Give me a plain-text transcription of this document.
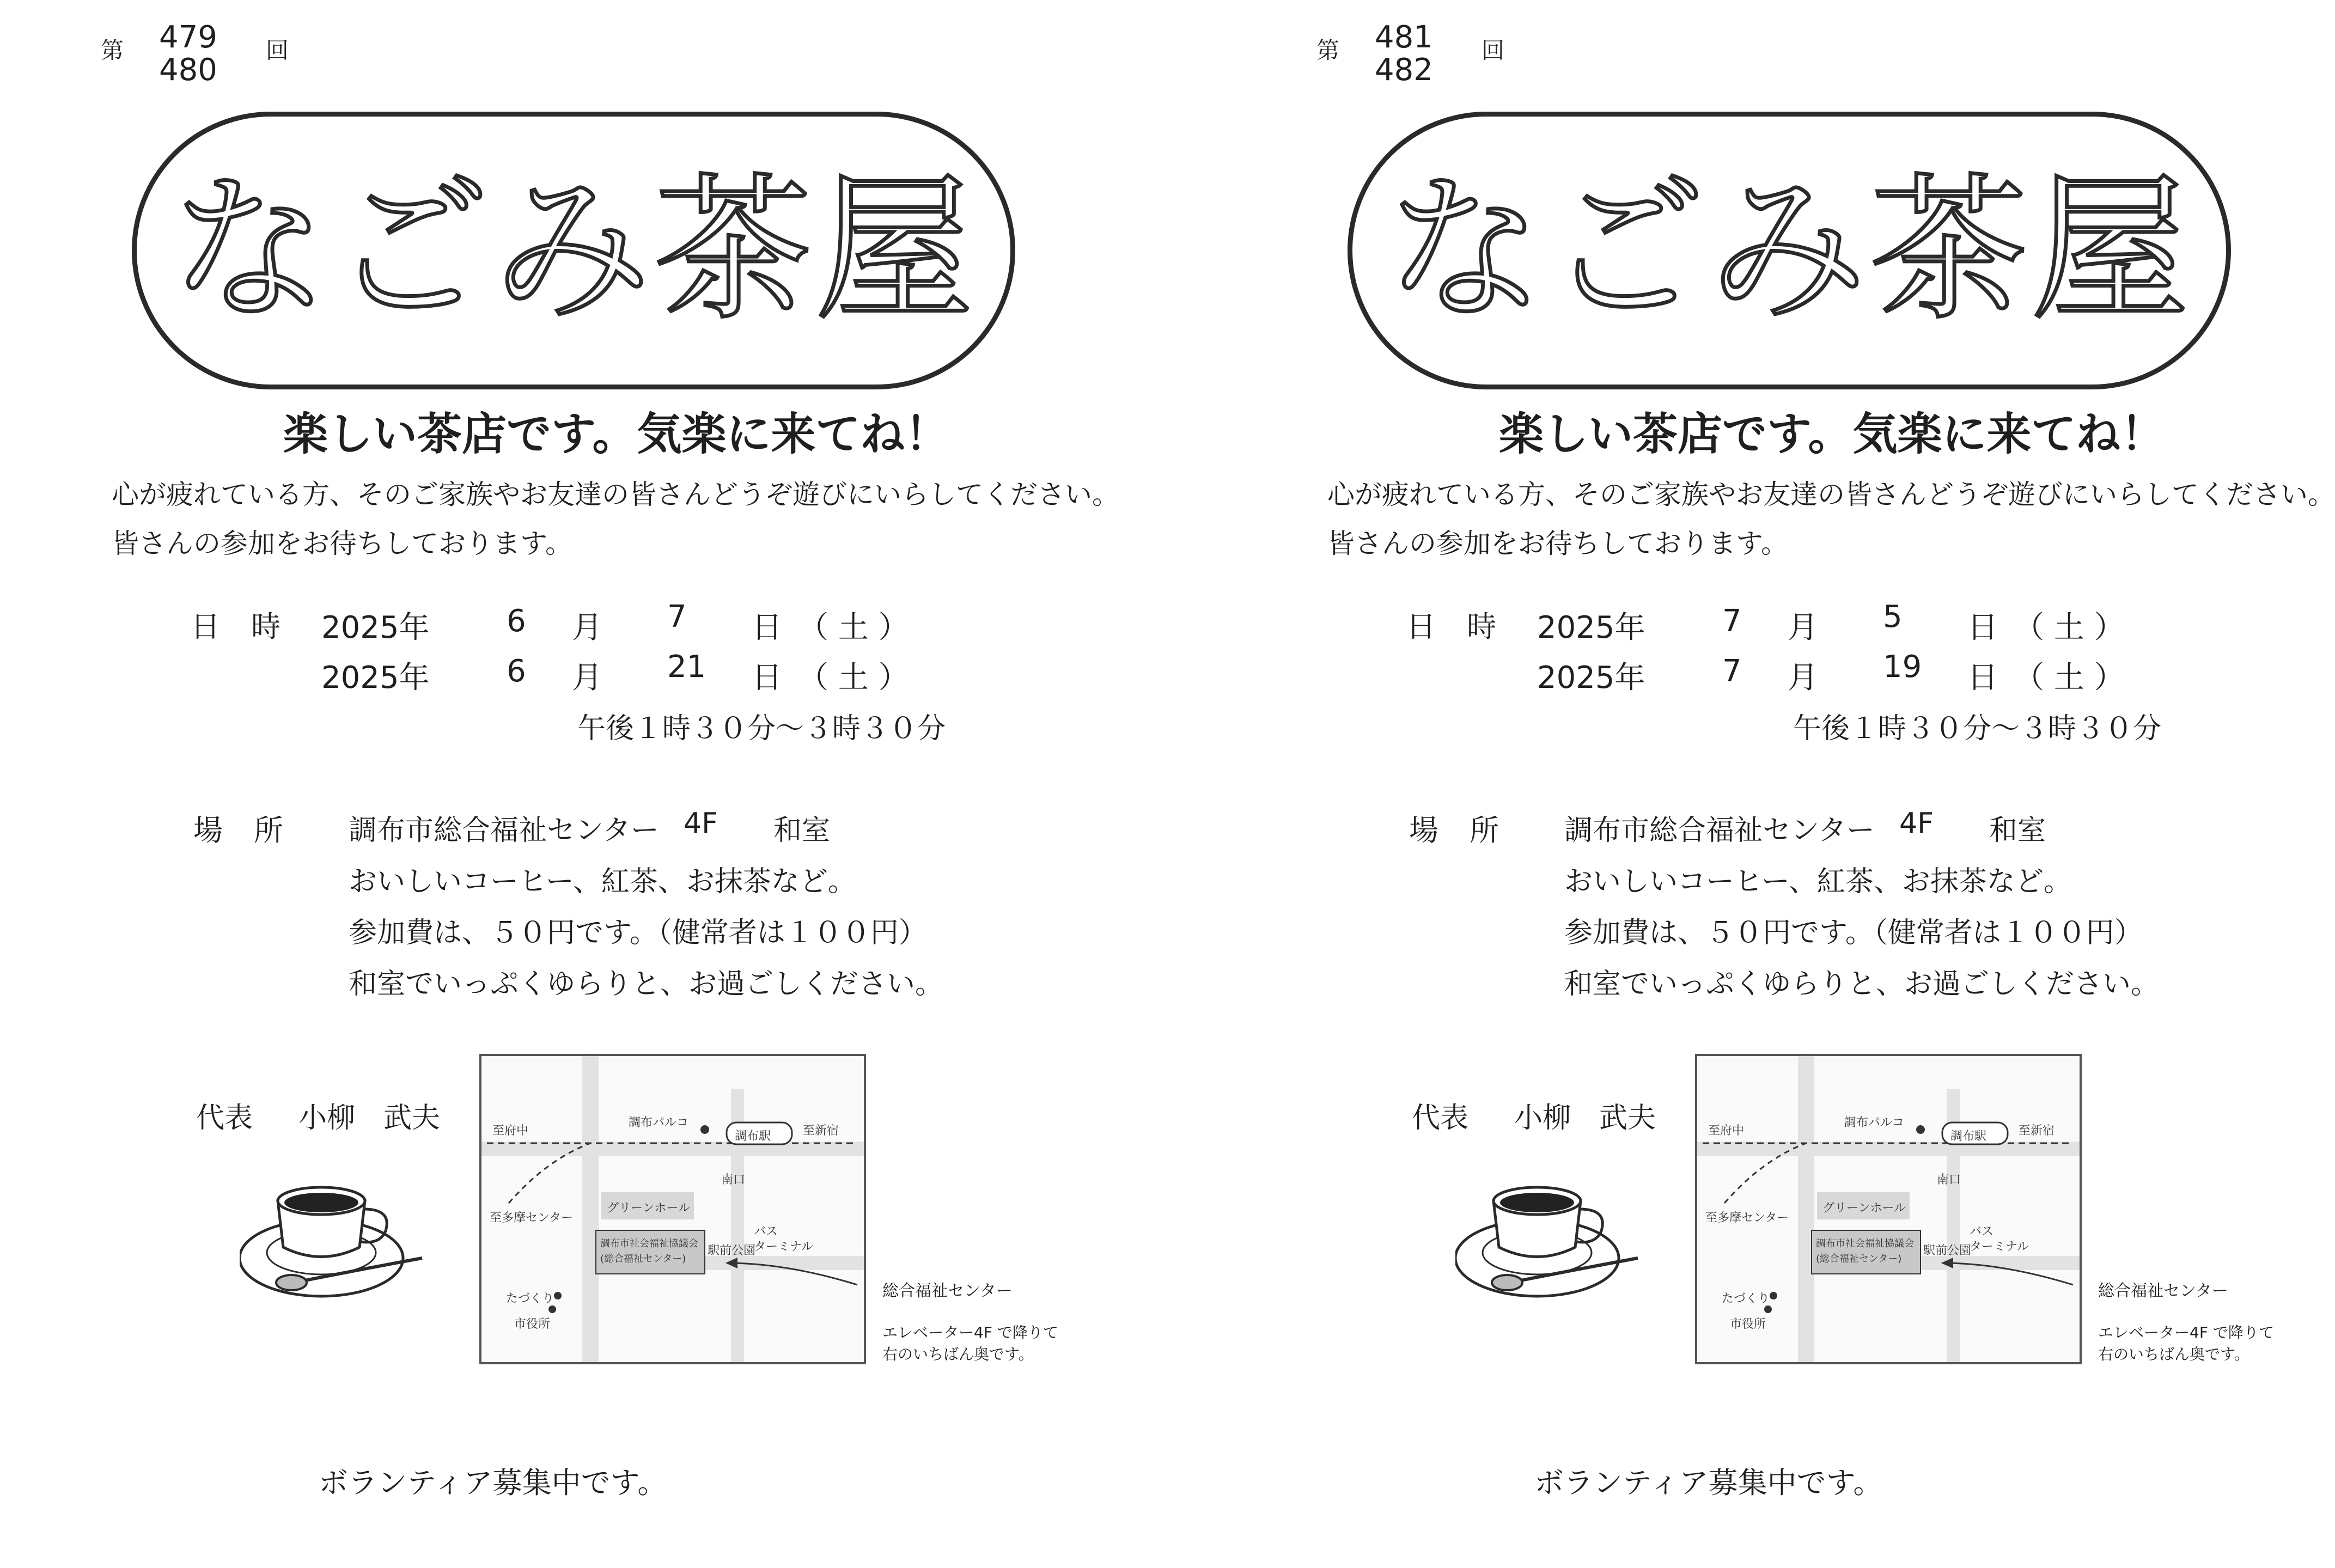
第 479
480
回
なごみ茶屋
楽しい茶店です。気楽に来てね！
心が疲れている方、そのご家族やお友達の皆さんどうぞ遊びにいらしてください。
皆さんの参加をお待ちしております。
日 時 2025年	6 月 7 日 （ 土 ）
2025年	6 月 21 日 （ 土 ）
午後１時３０分～３時３０分
場 所 調布市総合福祉センター 4F 和室
おいしいコーヒー、紅茶、お抹茶など。
参加費は、５０円です。（健常者は１００円）
和室でいっぷくゆらりと、お過ごしください。
代表 小柳　武夫	至府中
調布パルコ
至新宿
調布駅
南口
至多摩センター
グリーンホール
調布市社会福祉協議会
(総合福祉センター)
駅前公園
バス
ターミナル
たづくり
市役所
総合福祉センター
エレベーター4F で降りて
右のいちばん奥です。
ボランティア募集中です。
第 481
482
回
なごみ茶屋
楽しい茶店です。気楽に来てね！
心が疲れている方、そのご家族やお友達の皆さんどうぞ遊びにいらしてください。
皆さんの参加をお待ちしております。
日 時 2025年	7 月 5 日 （ 土 ）
2025年	7 月 19 日 （ 土 ）
午後１時３０分～３時３０分
場 所 調布市総合福祉センター 4F 和室
おいしいコーヒー、紅茶、お抹茶など。
参加費は、５０円です。（健常者は１００円）
和室でいっぷくゆらりと、お過ごしください。
代表 小柳　武夫	至府中
調布パルコ
至新宿
調布駅
南口
至多摩センター
グリーンホール
調布市社会福祉協議会
(総合福祉センター)
駅前公園
バス
ターミナル
たづくり
市役所
総合福祉センター
エレベーター4F で降りて
右のいちばん奥です。
ボランティア募集中です。
